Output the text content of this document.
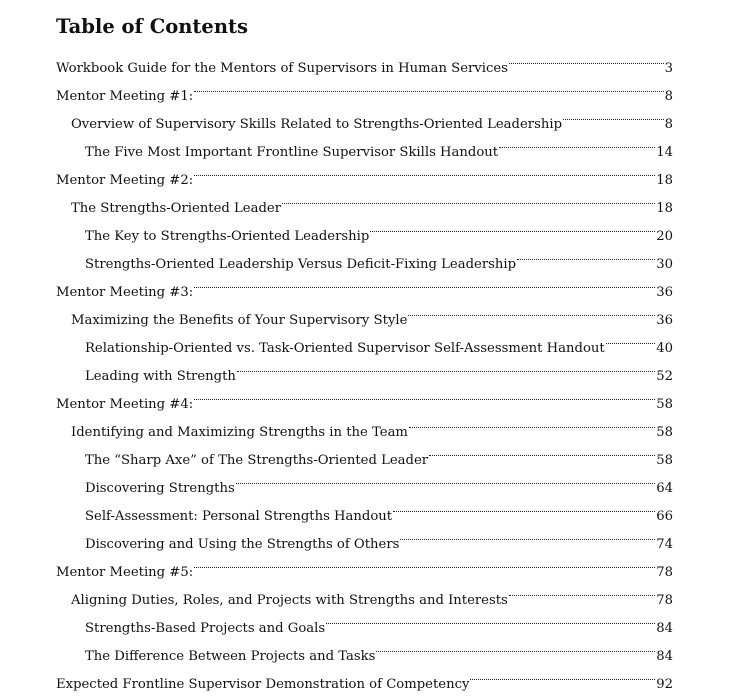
Table of Contents
Workbook Guide for the Mentors of Supervisors in Human Services	3
Mentor Meeting #1:	8
Overview of Supervisory Skills Related to Strengths-Oriented Leadership	8
The Five Most Important Frontline Supervisor Skills Handout	14
Mentor Meeting #2:	18
The Strengths-Oriented Leader	18
The Key to Strengths-Oriented Leadership	20
Strengths-Oriented Leadership Versus Deficit-Fixing Leadership	30
Mentor Meeting #3:	36
Maximizing the Benefits of Your Supervisory Style	36
Relationship-Oriented vs. Task-Oriented Supervisor Self-Assessment Handout	40
Leading with Strength	52
Mentor Meeting #4:	58
Identifying and Maximizing Strengths in the Team	58
The “Sharp Axe” of The Strengths-Oriented Leader	58
Discovering Strengths	64
Self-Assessment: Personal Strengths Handout	66
Discovering and Using the Strengths of Others	74
Mentor Meeting #5:	78
Aligning Duties, Roles, and Projects with Strengths and Interests	78
Strengths-Based Projects and Goals	84
The Difference Between Projects and Tasks	84
Expected Frontline Supervisor Demonstration of Competency	92
